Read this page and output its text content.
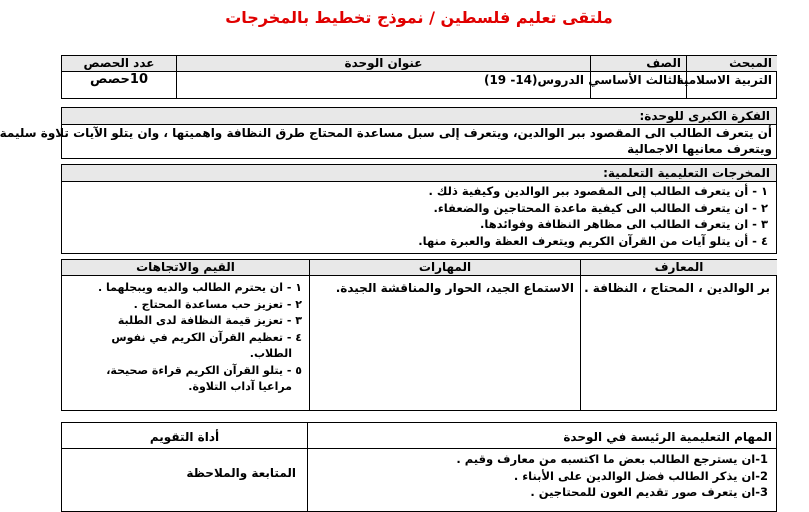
ملتقى تعليم فلسطين / نموذج تخطيط بالمخرجات
المبحث
الصف
عنوان الوحدة
عدد الحصص
التربية الاسلامية
الثالث الأساسي
الدروس(14- 19)
10حصص
الفكرة الكبرى للوحدة:
أن يتعرف الطالب الى المقصود ببر الوالدين، ويتعرف إلى سبل مساعدة المحتاج طرق النظافة واهميتها ، وان يتلو الآيات تلاوة سليمة
ويتعرف معانيها الاجمالية
المخرجات التعليمية التعلمية:
١ - أن يتعرف الطالب إلى المقصود ببر الوالدين وكيفية ذلك .
٢ - ان يتعرف الطالب الى كيفية ماعدة المحتاجين والضعفاء.
٣ - ان يتعرف الطالب الى مظاهر النظافة وفوائدها.
٤ - أن يتلو آيات من القرآن الكريم ويتعرف العظة والعبرة منها.
المعارف
المهارات
القيم والاتجاهات
بر الوالدين ، المحتاج ، النظافة .
الاستماع الجيد، الحوار والمناقشة الجيدة.
١ - ان يحترم الطالب والديه ويبجلهما .
٢ - تعزيز حب مساعدة المحتاج .
٣ - تعزيز قيمة النظافة لدى الطلبة
٤ - تعظيم القرآن الكريم في نفوس
الطلاب.
٥ - يتلو القرآن الكريم قراءة صحيحة،
مراعيا آداب التلاوة.
المهام التعليمية الرئيسة في الوحدة
أداة التقويم
1-ان يسترجع الطالب بعض ما اكتسبه من معارف وقيم .
2-ان يذكر الطالب فضل الوالدين على الأبناء .
3-ان يتعرف صور تقديم العون للمحتاجين .
المتابعة والملاحظة
